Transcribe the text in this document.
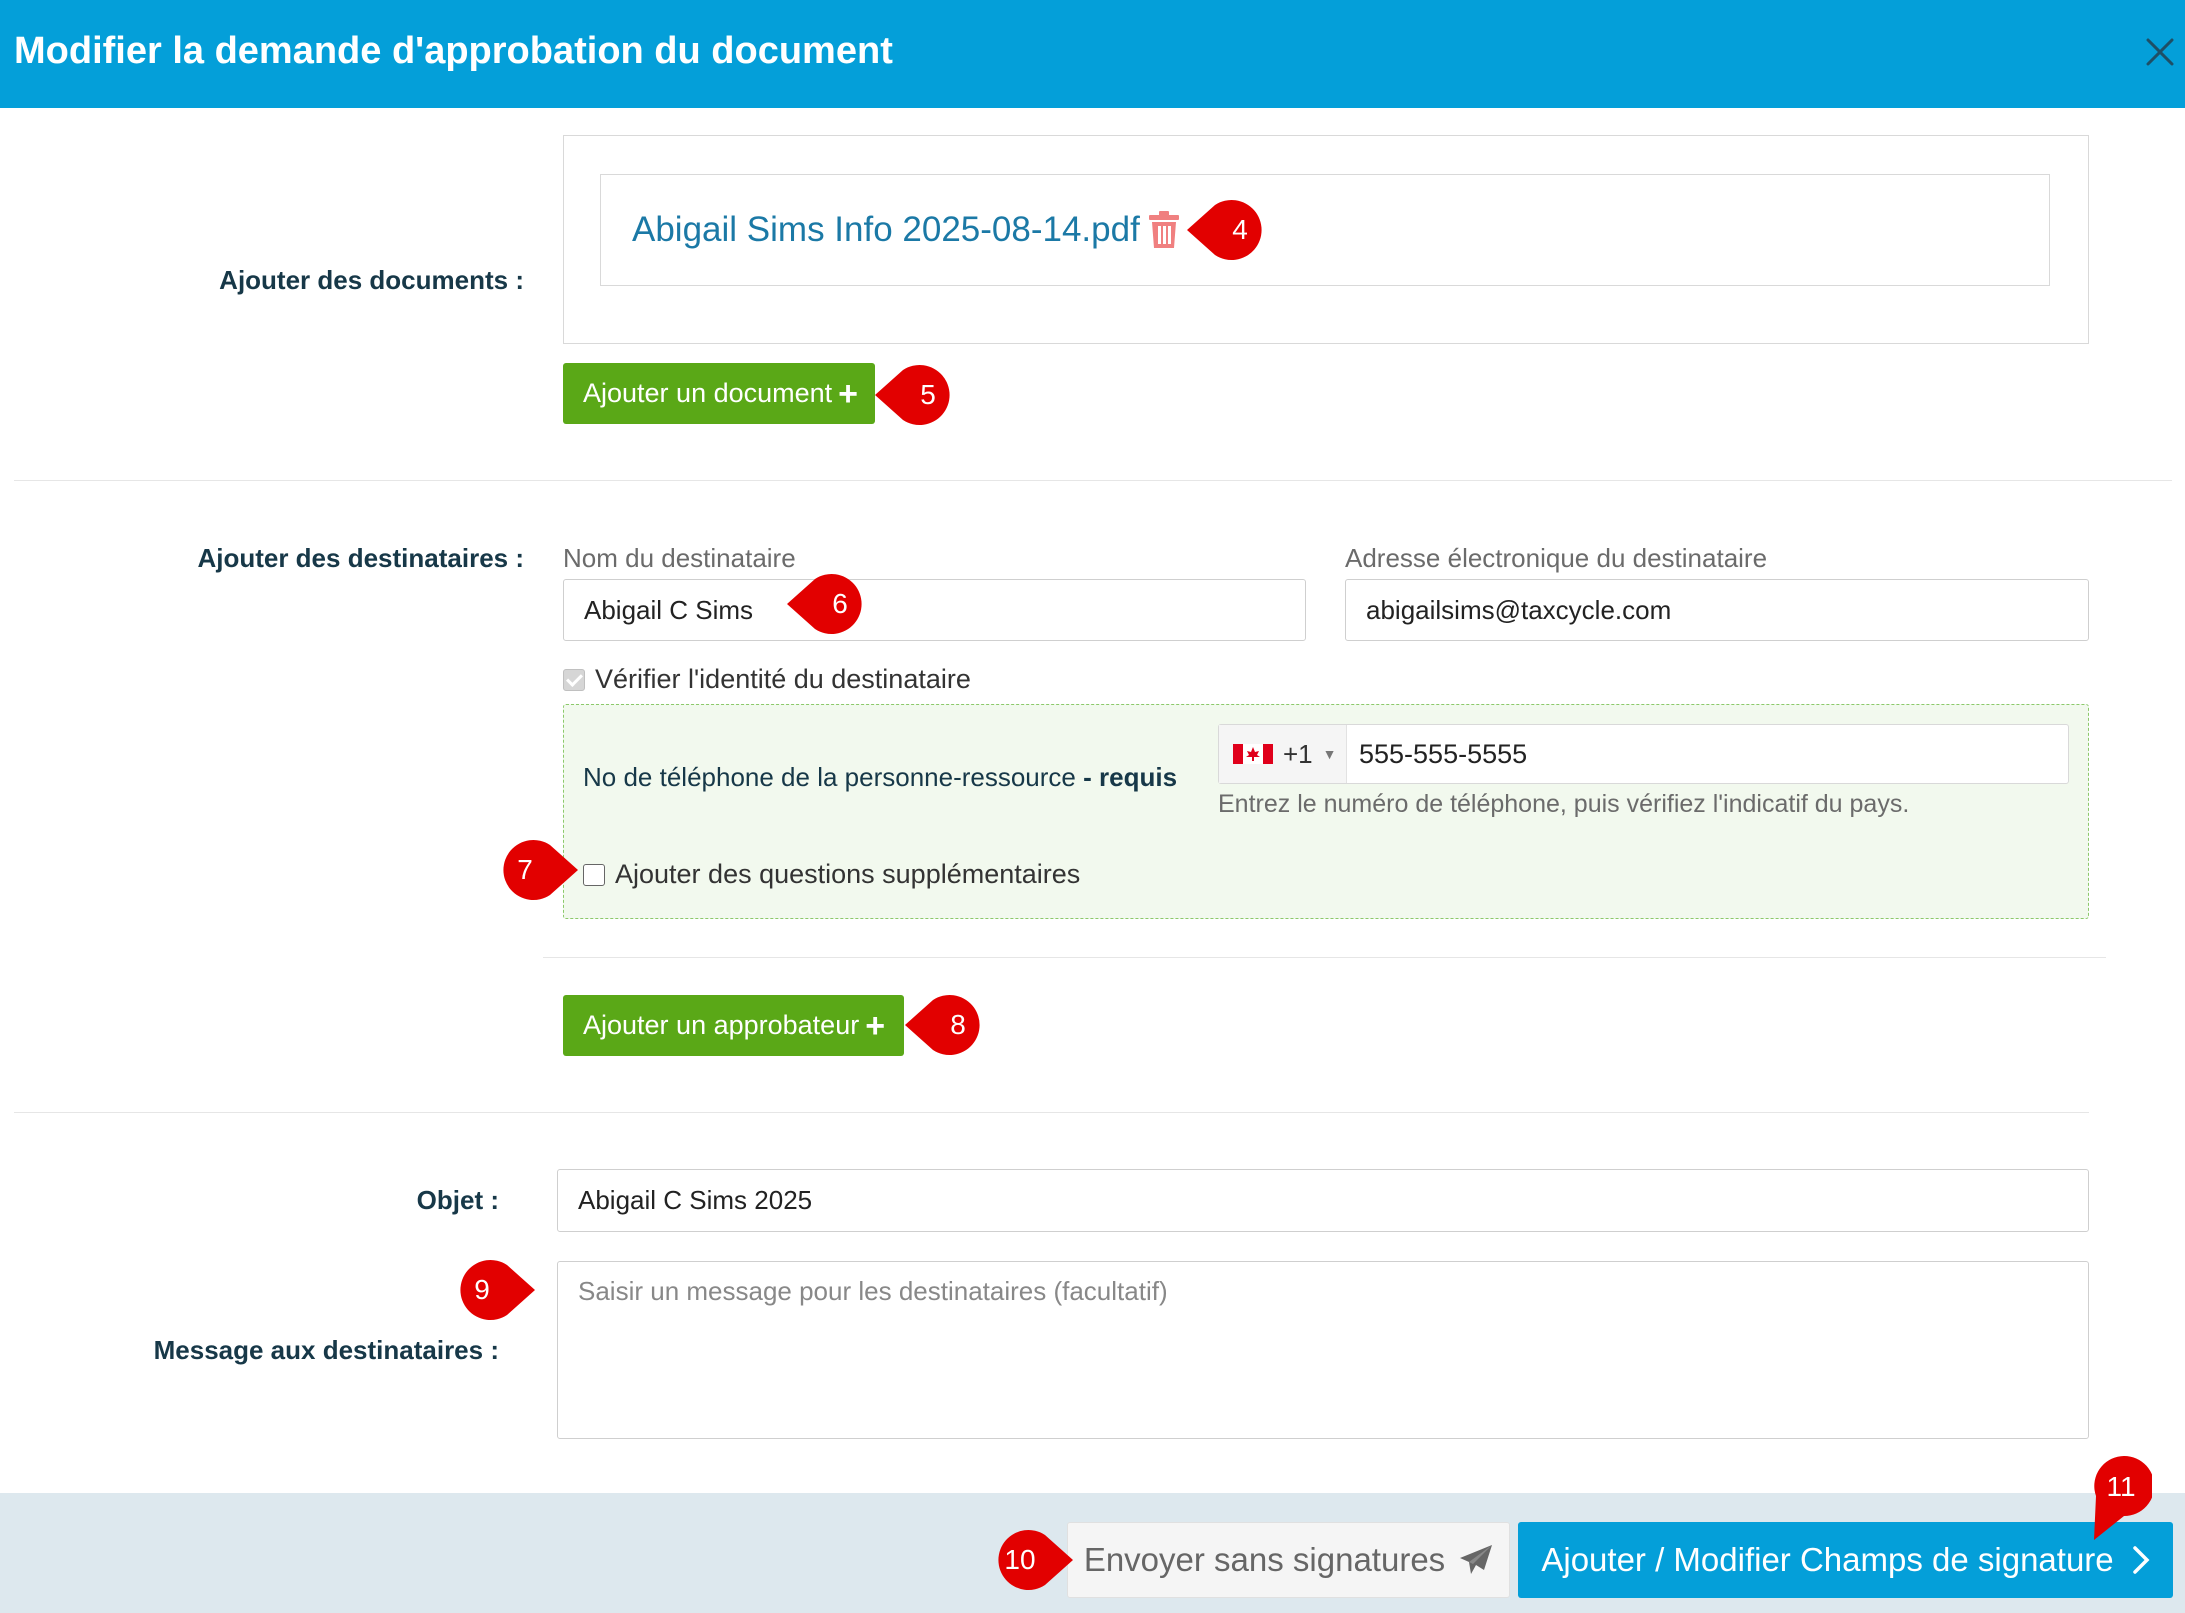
Modifier la demande d'approbation du document
Ajouter des documents :
Abigail Sims Info 2025-08-14.pdf
Ajouter un document +
Ajouter des destinataires : Nom du destinataire
Abigail C Sims
Adresse électronique du destinataire
abigailsims@taxcycle.com
Vérifier l'identité du destinataire
No de téléphone de la personne-ressource - requis
+1 ▼ 555-555-5555
Entrez le numéro de téléphone, puis vérifiez l'indicatif du pays.
Ajouter des questions supplémentaires
Ajouter un approbateur +
Objet :	Abigail C Sims 2025
Message aux destinataires :
Saisir un message pour les destinataires (facultatif)
Envoyer sans signatures	Ajouter / Modifier Champs de signature
4
5
6
7
8
9
10
11
